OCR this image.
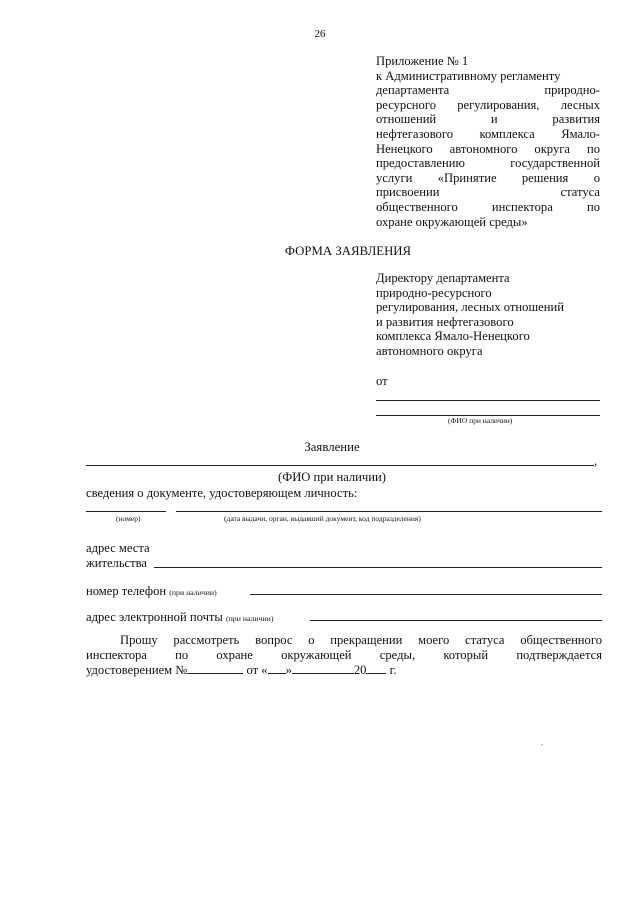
26
Приложение № 1
к Административному регламенту
департамента природно-
ресурсного регулирования, лесных
отношений и развития
нефтегазового комплекса Ямало-
Ненецкого автономного округа по
предоставлению государственной
услуги «Принятие решения о
присвоении статуса
общественного инспектора по
охране окружающей среды»
ФОРМА ЗАЯВЛЕНИЯ
Директору департамента
природно-ресурсного
регулирования, лесных отношений
и развития нефтегазового
комплекса Ямало-Ненецкого
автономного округа
от
(ФИО при наличии)
Заявление
,
(ФИО при наличии)
сведения о документе, удостоверяющем личность:
(номер)	(дата выдачи, орган, выдавший документ, код подразделения)
адрес места
жительства
номер телефон (при наличии)
адрес электронной почты (при наличии)
Прошу рассмотреть вопрос о прекращении моего статуса общественного
инспектора по охране окружающей среды, который подтверждается
удостоверением №	от « »	20 г.
